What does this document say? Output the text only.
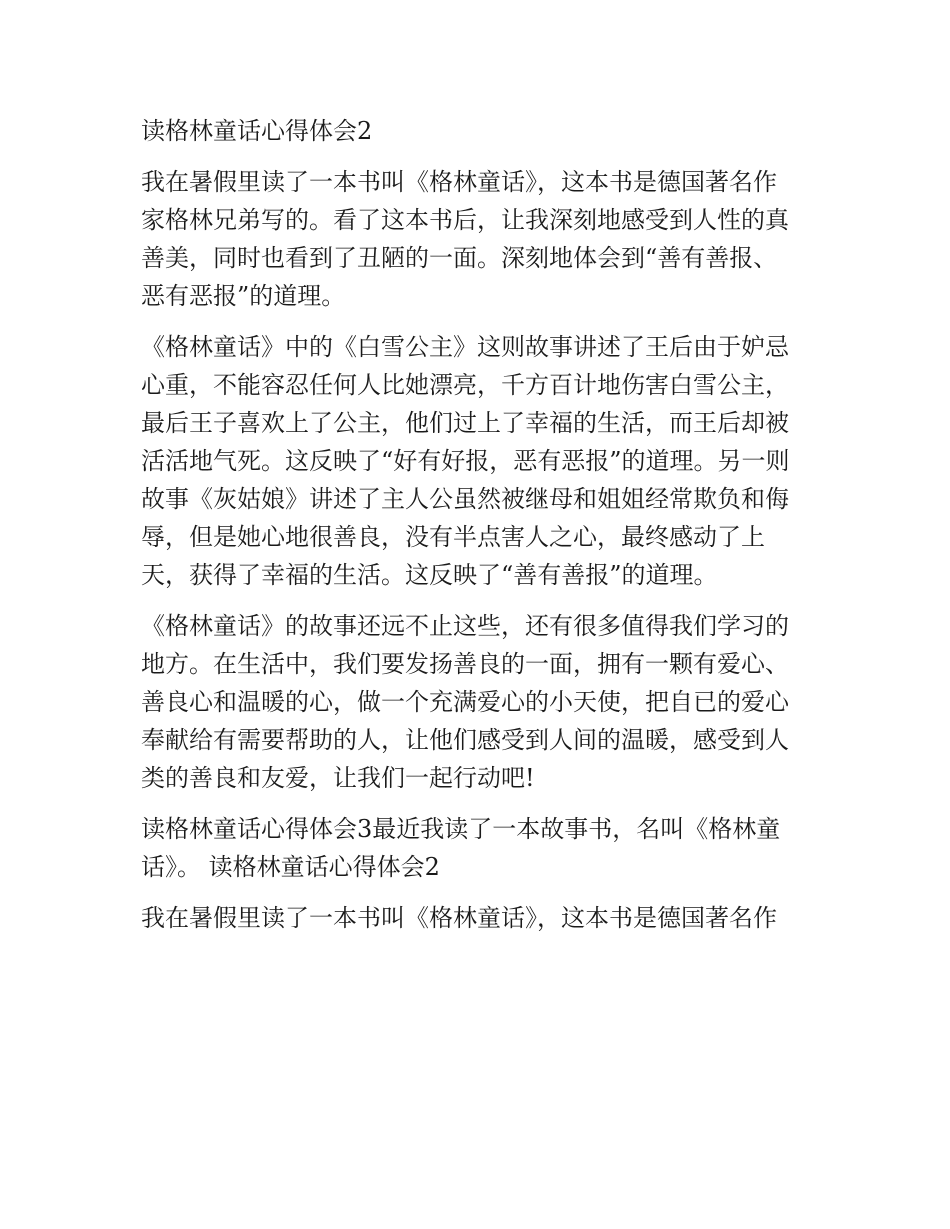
读格林童话心得体会2
我在暑假里读了一本书叫《格林童话》，这本书是德国著名作
家格林兄弟写的。看了这本书后，让我深刻地感受到人性的真
善美，同时也看到了丑陋的一面。深刻地体会到“善有善报、
恶有恶报”的道理。
《格林童话》中的《白雪公主》这则故事讲述了王后由于妒忌
心重，不能容忍任何人比她漂亮，千方百计地伤害白雪公主，
最后王子喜欢上了公主，他们过上了幸福的生活，而王后却被
活活地气死。这反映了“好有好报，恶有恶报”的道理。另一则
故事《灰姑娘》讲述了主人公虽然被继母和姐姐经常欺负和侮
辱，但是她心地很善良，没有半点害人之心，最终感动了上
天，获得了幸福的生活。这反映了“善有善报”的道理。
《格林童话》的故事还远不止这些，还有很多值得我们学习的
地方。在生活中，我们要发扬善良的一面，拥有一颗有爱心、
善良心和温暖的心，做一个充满爱心的小天使，把自已的爱心
奉献给有需要帮助的人，让他们感受到人间的温暖，感受到人
类的善良和友爱，让我们一起行动吧!
读格林童话心得体会3最近我读了一本故事书，名叫《格林童
话》。 读格林童话心得体会2
我在暑假里读了一本书叫《格林童话》，这本书是德国著名作
